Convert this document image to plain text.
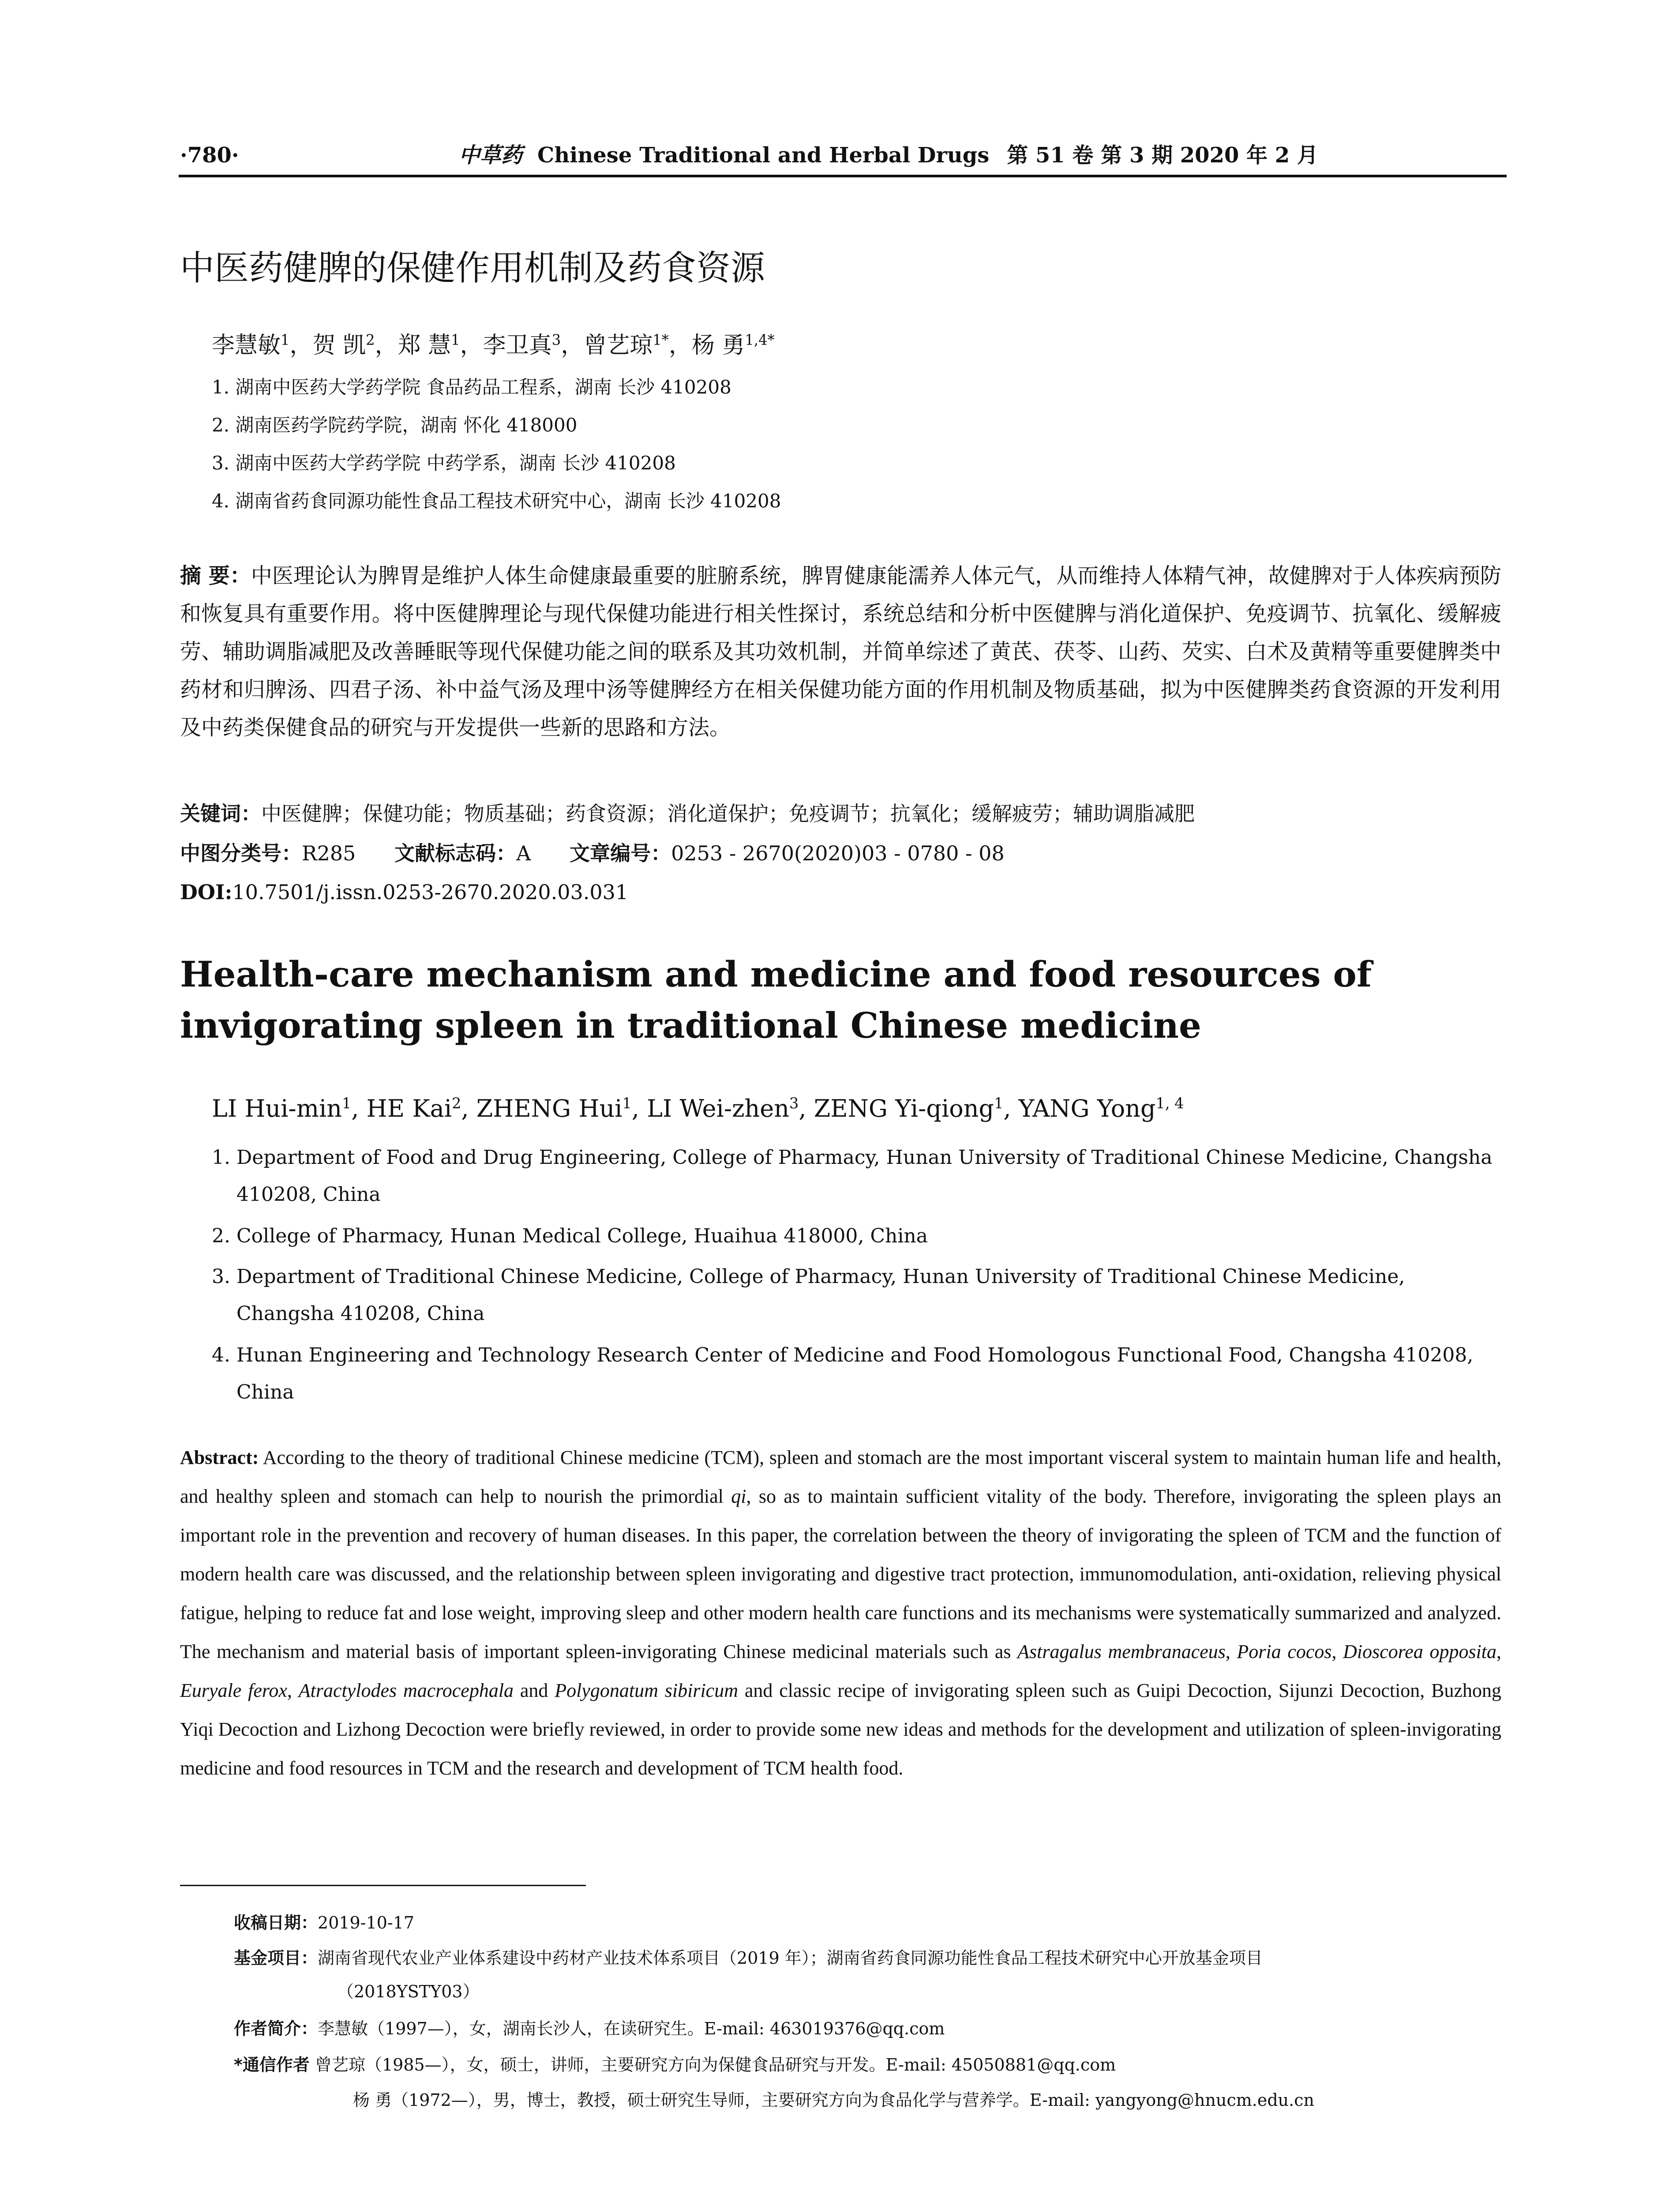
·780·	中草药 Chinese Traditional and Herbal Drugs 第 51 卷 第 3 期 2020 年 2 月
中医药健脾的保健作用机制及药食资源
李慧敏$^1$，贺 凯$^2$，郑 慧$^1$，李卫真$^3$，曾艺琼$^{1*}$，杨 勇$^{1,4*}$
1. 湖南中医药大学药学院 食品药品工程系，湖南 长沙 410208
2. 湖南医药学院药学院，湖南 怀化 418000
3. 湖南中医药大学药学院 中药学系，湖南 长沙 410208
4. 湖南省药食同源功能性食品工程技术研究中心，湖南 长沙 410208
摘 要：中医理论认为脾胃是维护人体生命健康最重要的脏腑系统，脾胃健康能濡养人体元气，从而维持人体精气神，故健脾对于人体疾病预防和恢复具有重要作用。将中医健脾理论与现代保健功能进行相关性探讨，系统总结和分析中医健脾与消化道保护、免疫调节、抗氧化、缓解疲劳、辅助调脂减肥及改善睡眠等现代保健功能之间的联系及其功效机制，并简单综述了黄芪、茯苓、山药、芡实、白术及黄精等重要健脾类中药材和归脾汤、四君子汤、补中益气汤及理中汤等健脾经方在相关保健功能方面的作用机制及物质基础，拟为中医健脾类药食资源的开发利用及中药类保健食品的研究与开发提供一些新的思路和方法。
关键词：中医健脾；保健功能；物质基础；药食资源；消化道保护；免疫调节；抗氧化；缓解疲劳；辅助调脂减肥
中图分类号：R285 文献标志码：A 文章编号：0253 - 2670(2020)03 - 0780 - 08
DOI:10.7501/j.issn.0253-2670.2020.03.031
Health-care mechanism and medicine and food resources of invigorating spleen in traditional Chinese medicine
LI Hui-$\min^1$, HE Kai$^2$, ZHENG Hui$^1$, LI Wei-zhen$^3$, ZENG Yi-qiong$^1$, YANG Yong$^{1, 4}$
1. Department of Food and Drug Engineering, College of Pharmacy, Hunan University of Traditional Chinese Medicine, Changsha
410208, China
2. College of Pharmacy, Hunan Medical College, Huaihua 418000, China
3. Department of Traditional Chinese Medicine, College of Pharmacy, Hunan University of Traditional Chinese Medicine,
Changsha 410208, China
4. Hunan Engineering and Technology Research Center of Medicine and Food Homologous Functional Food, Changsha 410208,
China
Abstract: According to the theory of traditional Chinese medicine (TCM), spleen and stomach are the most important visceral system to maintain human life and health, and healthy spleen and stomach can help to nourish the primordial qi, so as to maintain sufficient vitality of the body. Therefore, invigorating the spleen plays an important role in the prevention and recovery of human diseases. In this paper, the correlation between the theory of invigorating the spleen of TCM and the function of modern health care was discussed, and the relationship between spleen invigorating and digestive tract protection, immunomodulation, anti-oxidation, relieving physical fatigue, helping to reduce fat and lose weight, improving sleep and other modern health care functions and its mechanisms were systematically summarized and analyzed. The mechanism and material basis of important spleen-invigorating Chinese medicinal materials such as Astragalus membranaceus, Poria cocos, Dioscorea opposita, Euryale ferox, Atractylodes macrocephala and Polygonatum sibiricum and classic recipe of invigorating spleen such as Guipi Decoction, Sijunzi Decoction, Buzhong Yiqi Decoction and Lizhong Decoction were briefly reviewed, in order to provide some new ideas and methods for the development and utilization of spleen-invigorating medicine and food resources in TCM and the research and development of TCM health food.
收稿日期：2019-10-17
基金项目：湖南省现代农业产业体系建设中药材产业技术体系项目（2019 年）；湖南省药食同源功能性食品工程技术研究中心开放基金项目
（2018YSTY03）
作者简介：李慧敏（1997—），女，湖南长沙人，在读研究生。E-mail: 463019376@qq.com
*通信作者 曾艺琼（1985—），女，硕士，讲师，主要研究方向为保健食品研究与开发。E-mail: 45050881@qq.com
杨 勇（1972—），男，博士，教授，硕士研究生导师，主要研究方向为食品化学与营养学。E-mail: yangyong@hnucm.edu.cn
